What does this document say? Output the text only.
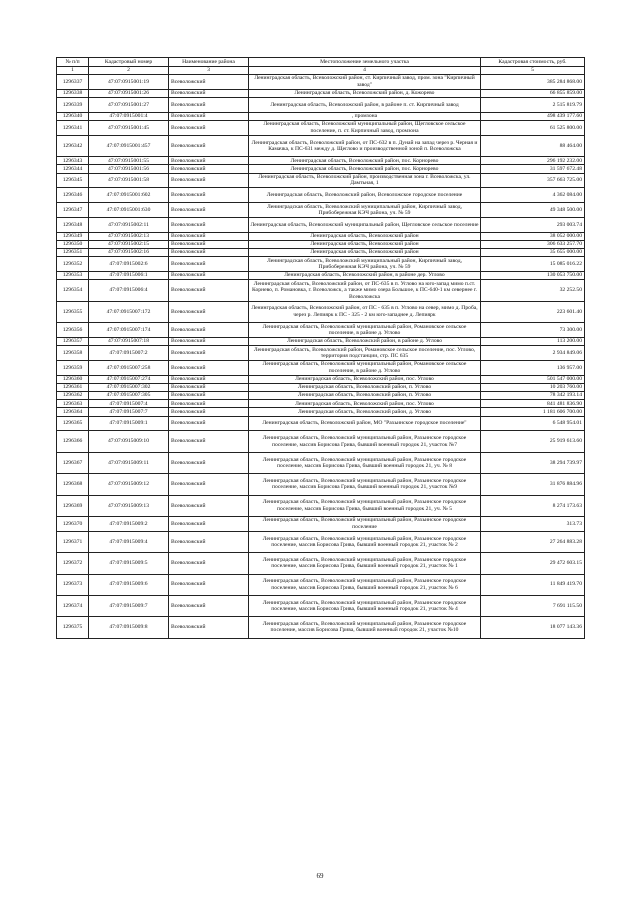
№ п/п	Кадастровый номер	Наименование района	Местоположение земельного участка	Кадастровая стоимость, руб.
1	2	3	4	5
1296337	47:07:0915001:19	Всеволожский	Ленинградская область, Всеволожский район, ст. Кирпичный завод, пром. зона "Кирпичный завод"	385 284 868.00
1296338	47:07:0915001:26	Всеволожский	Ленинградская область, Всеволожский район, д. Кожорево	66 855 859.00
1296339	47:07:0915001:27	Всеволожский	Ленинградская область, Всеволожский район, в районе п. ст. Кирпичный завод	2 515 819.79
1296340	47:07:0915001:4	Всеволожский	, промзона	498 439 177.60
1296341	47:07:0915001:45	Всеволожский	Ленинградская область, Всеволожский муниципальный район, Щегловское сельское поселение, п. ст. Кирпичный завод, промзона	61 525 800.00
1296342	47:07:0915001:457	Всеволожский	Ленинградская область, Всеволожский район, от ПС-632 в п. Дунай на запад через р. Черная и Камачка, к ПС-631 между д. Щеглово и производственной зоной п. Всеволожска	88 464.00
1296343	47:07:0915001:55	Всеволожский	Ленинградская область, Всеволожский район, пос. Корнорево	296 192 232.00
1296344	47:07:0915001:56	Всеволожский	Ленинградская область, Всеволожский район, пос. Корнорево	31 597 672.48
1296345	47:07:0915001:58	Всеволожский	Ленинградская область, Всеволожский район, производственная зона г. Всеволожска, ул. Дамтьная, 1	357 663 725.00
1296346	47:07:0915001:602	Всеволожский	Ленинградская область, Всеволожский район, Всеволожское городское поселение	4 362 084.00
1296347	47:07:0915001:630	Всеволожский	Ленинградская область, Всеволожский муниципальный район, Кирпичный завод, Прибобережная КЭЧ района, уч. № 59	49 348 500.00
1296348	47:07:0915002:11	Всеволожский	Ленинградская область, Всеволожский муниципальный район, Щегловское сельское поселение	293 003.74
1296349	47:07:0915002:13	Всеволожский	Ленинградская область, Всеволожский район	38 052 000.00
1296350	47:07:0915002:15	Всеволожский	Ленинградская область, Всеволожский район	306 633 257.70
1296351	47:07:0915002:16	Всеволожский	Ленинградская область, Всеволожский район	35 655 000.00
1296352	47:07:0915002:6	Всеволожский	Ленинградская область, Всеволожский муниципальный район, Кирпичный завод, Прибобережная КЭЧ района, уч. № 59	15 085 016.22
1296353	47:07:0915006:1	Всеволожский	Ленинградская область, Всеволожский район, в районе дер. Углово	130 053 750.00
1296354	47:07:0915006:4	Всеволожский	Ленинградская область, Всеволожский район, от ПС-635 в п. Углово на юго-запад мимо п.ст. Корнево, п. Романовка, г. Всеволожск, а также мимо озера Большое, к ПС-640-1 км севернее г. Всеволожска	32 252.50
1296355	47:07:0915007:172	Всеволожский	Ленинградская область, Всеволожский район, от ПС - 635 в п. Углово на север, мимо д. Проба, через р. Лепиярк к ПС - 325 - 2 км юго-западнее д. Лепиярк	223 601.40
1296356	47:07:0915007:174	Всеволожский	Ленинградская область, Всеволожский муниципальный район, Романовское сельское поселение, в районе д. Углово	73 300.00
1296357	47:07:0915007:18	Всеволожский	Ленинградская область, Всеволожский район, в районе д. Углово	113 200.00
1296358	47:07:0915007:2	Всеволожский	Ленинградская область, Всеволожский район, Романовское сельское поселение, пос. Углово, территория подстанции, стр. ПС 635	2 934 849.06
1296359	47:07:0915007:258	Всеволожский	Ленинградская область, Всеволожский муниципальный район, Романовское сельское поселение, в районе д. Углово	136 957.00
1296360	47:07:0915007:274	Всеволожский	Ленинградская область, Всеволожский район, пос. Углово	501 547 000.00
1296361	47:07:0915007:302	Всеволожский	Ленинградская область, Всеволожский район, п. Углово	10 203 760.00
1296362	47:07:0915007:305	Всеволожский	Ленинградская область, Всеволожский район, п. Углово	78 342 193.14
1296363	47:07:0915007:4	Всеволожский	Ленинградская область, Всеволожский район, пос. Углово	841 481 836.90
1296364	47:07:0915007:7	Всеволожский	Ленинградская область, Всеволожский район, д. Углово	1 181 606 700.00
1296365	47:07:0915009:1	Всеволожский	Ленинградская область, Всеволожский район, МО "Рахьинское городское поселение"	6 548 954.01
1296366	47:07:0915009:10	Всеволожский	Ленинградская область, Всеволожский муниципальный район, Рахьинское городское поселение, массив Борисова Грива, бывший военный городок 21, участок №7	25 919 613.60
1296367	47:07:0915009:11	Всеволожский	Ленинградская область, Всеволожский муниципальный район, Рахьинское городское поселение, массив Борисова Грива, бывший военный городок 21, уч. № 8	38 294 739.97
1296368	47:07:0915009:12	Всеволожский	Ленинградская область, Всеволожский муниципальный район, Рахьинское городское поселение, массив Борисова Грива, бывший военный городок 21, участок №9	31 876 884.96
1296369	47:07:0915009:13	Всеволожский	Ленинградская область, Всеволожский муниципальный район, Рахьинское городское поселение, массив Борисова Грива, бывший военный городок 21, уч. № 5	8 274 173.63
1296370	47:07:0915009:2	Всеволожский	Ленинградская область, Всеволожский муниципальный район, Рахьинское городское поселение	313.73
1296371	47:07:0915009:4	Всеволожский	Ленинградская область, Всеволожский муниципальный район, Рахьинское городское поселение, массив Борисова Грива, бывший военный городок 21, участок № 2	27 264 883.28
1296372	47:07:0915009:5	Всеволожский	Ленинградская область, Всеволожский муниципальный район, Рахьинское городское поселение, массив Борисова Грива, бывший военный городок 21, участок № 1	29 472 603.15
1296373	47:07:0915009:6	Всеволожский	Ленинградская область, Всеволожский муниципальный район, Рахьинское городское поселение, массив Борисова Грива, бывший военный городок 21, участок № 6	11 849 419.70
1296374	47:07:0915009:7	Всеволожский	Ленинградская область, Всеволожский муниципальный район, Рахьинское городское поселение, массив Борисова Грива, бывший военный городок 21, участок № 4	7 691 115.50
1296375	47:07:0915009:8	Всеволожский	Ленинградская область, Всеволожский муниципальный район, Рахьинское городское поселение, массив Борисова Грива, бывший военный городок 21, участок №10	18 077 143.36
69
